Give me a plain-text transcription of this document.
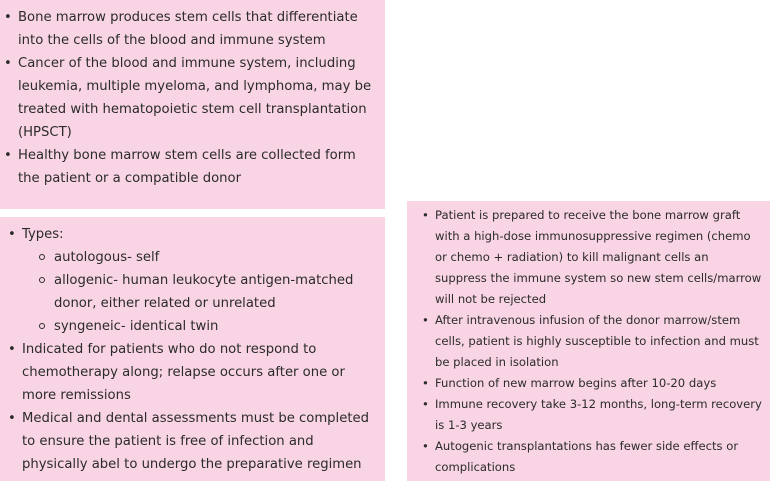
• Bone marrow produces stem cells that differentiate into the cells of the blood and immune system
• Cancer of the blood and immune system, including leukemia, multiple myeloma, and lymphoma, may be treated with hematopoietic stem cell transplantation (HPSCT)
• Healthy bone marrow stem cells are collected form the patient or a compatible donor
• Types:
autologous- self
allogenic- human leukocyte antigen-matched donor, either related or unrelated
syngeneic- identical twin
• Indicated for patients who do not respond to chemotherapy along; relapse occurs after one or more remissions
• Medical and dental assessments must be completed to ensure the patient is free of infection and physically abel to undergo the preparative regimen
• Patient is prepared to receive the bone marrow graft with a high-dose immunosuppressive regimen (chemo or chemo + radiation) to kill malignant cells an suppress the immune system so new stem cells/marrow will not be rejected
• After intravenous infusion of the donor marrow/stem cells, patient is highly susceptible to infection and must be placed in isolation
• Function of new marrow begins after 10-20 days
• Immune recovery take 3-12 months, long-term recovery is 1-3 years
• Autogenic transplantations has fewer side effects or complications
